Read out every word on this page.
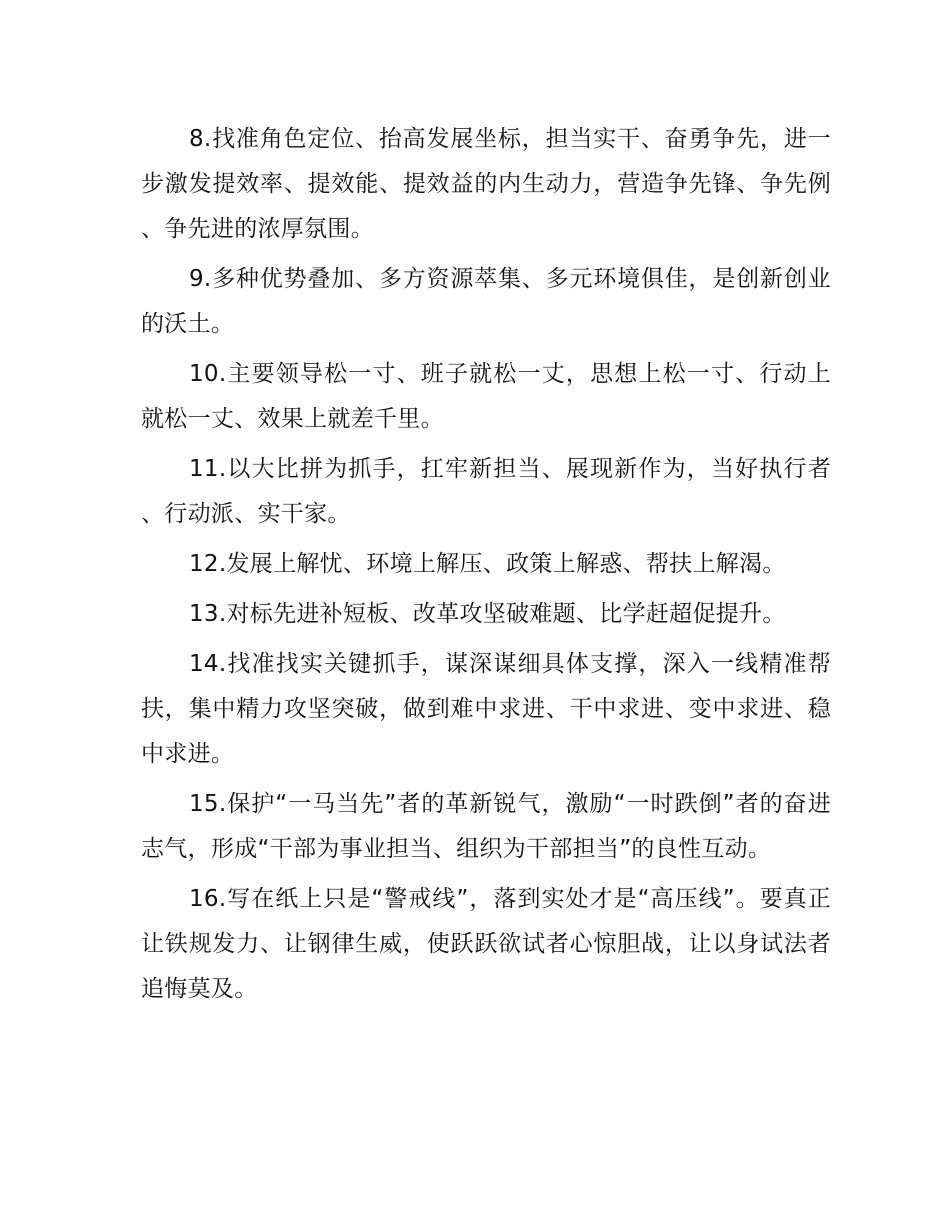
8.找准角色定位、抬高发展坐标，担当实干、奋勇争先，进一步激发提效率、提效能、提效益的内生动力，营造争先锋、争先例、争先进的浓厚氛围。

9.多种优势叠加、多方资源萃集、多元环境俱佳，是创新创业的沃土。

10.主要领导松一寸、班子就松一丈，思想上松一寸、行动上就松一丈、效果上就差千里。

11.以大比拼为抓手，扛牢新担当、展现新作为，当好执行者、行动派、实干家。

12.发展上解忧、环境上解压、政策上解惑、帮扶上解渴。

13.对标先进补短板、改革攻坚破难题、比学赶超促提升。

14.找准找实关键抓手，谋深谋细具体支撑，深入一线精准帮扶，集中精力攻坚突破，做到难中求进、干中求进、变中求进、稳中求进。

15.保护“一马当先”者的革新锐气，激励“一时跌倒”者的奋进志气，形成“干部为事业担当、组织为干部担当”的良性互动。

16.写在纸上只是“警戒线”，落到实处才是“高压线”。要真正让铁规发力、让钢律生威，使跃跃欲试者心惊胆战，让以身试法者追悔莫及。
